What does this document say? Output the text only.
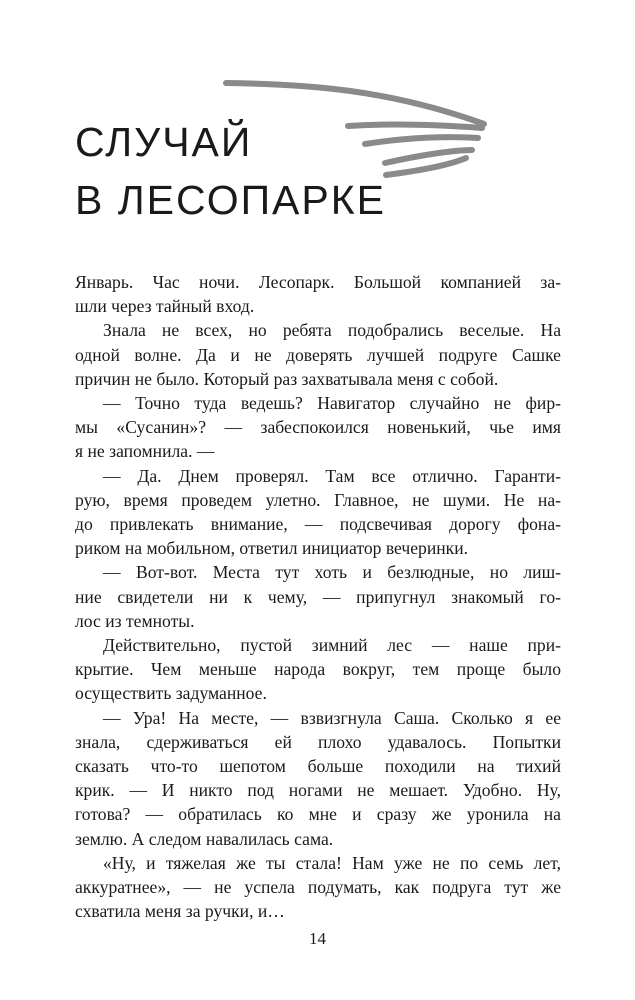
СЛУЧАЙ
В ЛЕСОПАРКЕ

Январь. Час ночи. Лесопарк. Большой компанией за-
шли через тайный вход.

Знала не всех, но ребята подобрались веселые. На
одной волне. Да и не доверять лучшей подруге Сашке
причин не было. Который раз захватывала меня с собой.

— Точно туда ведешь? Навигатор случайно не фир-
мы «Сусанин»? — забеспокоился новенький, чье имя
я не запомнила. —

— Да. Днем проверял. Там все отлично. Гаранти-
рую, время проведем улетно. Главное, не шуми. Не на-
до привлекать внимание, — подсвечивая дорогу фона-
риком на мобильном, ответил инициатор вечеринки.

— Вот-вот. Места тут хоть и безлюдные, но лиш-
ние свидетели ни к чему, — припугнул знакомый го-
лос из темноты.

Действительно, пустой зимний лес — наше при-
крытие. Чем меньше народа вокруг, тем проще было
осуществить задуманное.

— Ура! На месте, — взвизгнула Саша. Сколько я ее
знала, сдерживаться ей плохо удавалось. Попытки
сказать что-то шепотом больше походили на тихий
крик. — И никто под ногами не мешает. Удобно. Ну,
готова? — обратилась ко мне и сразу же уронила на
землю. А следом навалилась сама.

«Ну, и тяжелая же ты стала! Нам уже не по семь лет,
аккуратнее», — не успела подумать, как подруга тут же
схватила меня за ручки, и…

14
